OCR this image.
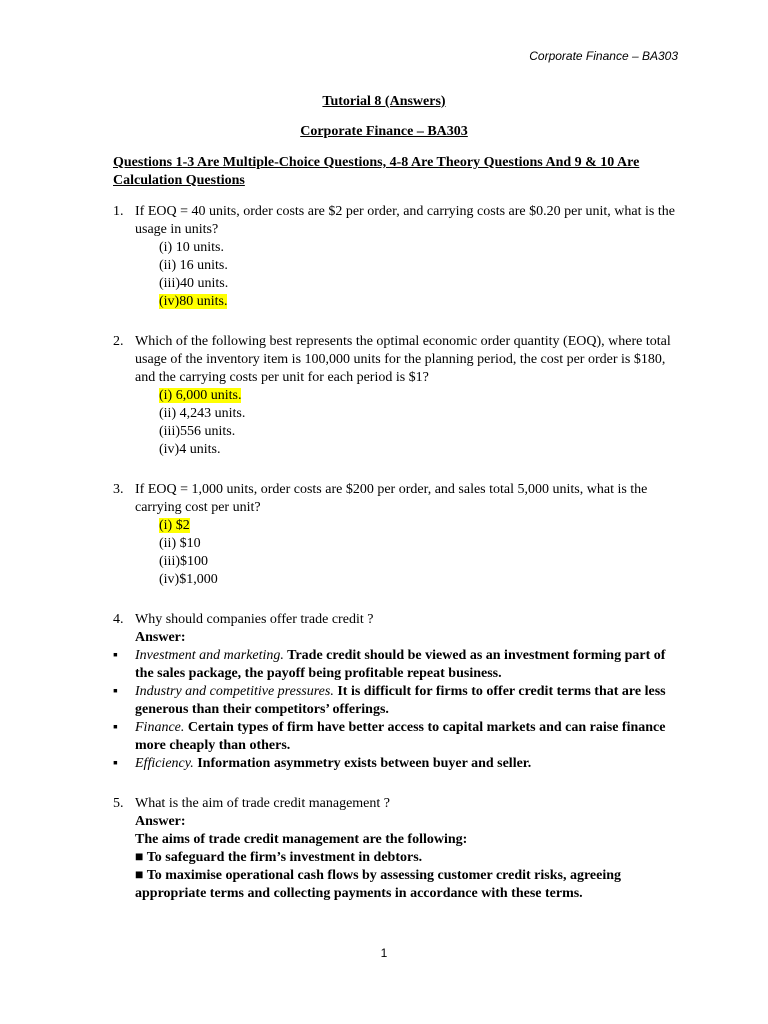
Corporate Finance – BA303
Tutorial 8 (Answers)
Corporate Finance – BA303
Questions 1-3 Are Multiple-Choice Questions, 4-8 Are Theory Questions And 9 & 10 Are Calculation Questions
1. If EOQ = 40 units, order costs are $2 per order, and carrying costs are $0.20 per unit, what is the usage in units?
(i) 10 units.
(ii) 16 units.
(iii)40 units.
(iv)80 units.
2. Which of the following best represents the optimal economic order quantity (EOQ), where total usage of the inventory item is 100,000 units for the planning period, the cost per order is $180, and the carrying costs per unit for each period is $1?
(i) 6,000 units.
(ii) 4,243 units.
(iii)556 units.
(iv)4 units.
3. If EOQ = 1,000 units, order costs are $200 per order, and sales total 5,000 units, what is the carrying cost per unit?
(i) $2
(ii) $10
(iii)$100
(iv)$1,000
4. Why should companies offer trade credit ?
Answer:
▪ Investment and marketing. Trade credit should be viewed as an investment forming part of the sales package, the payoff being profitable repeat business.
▪ Industry and competitive pressures. It is difficult for firms to offer credit terms that are less generous than their competitors’ offerings.
▪ Finance. Certain types of firm have better access to capital markets and can raise finance more cheaply than others.
▪ Efficiency. Information asymmetry exists between buyer and seller.
5. What is the aim of trade credit management ?
Answer:
The aims of trade credit management are the following:
■ To safeguard the firm’s investment in debtors.
■ To maximise operational cash flows by assessing customer credit risks, agreeing appropriate terms and collecting payments in accordance with these terms.
1
